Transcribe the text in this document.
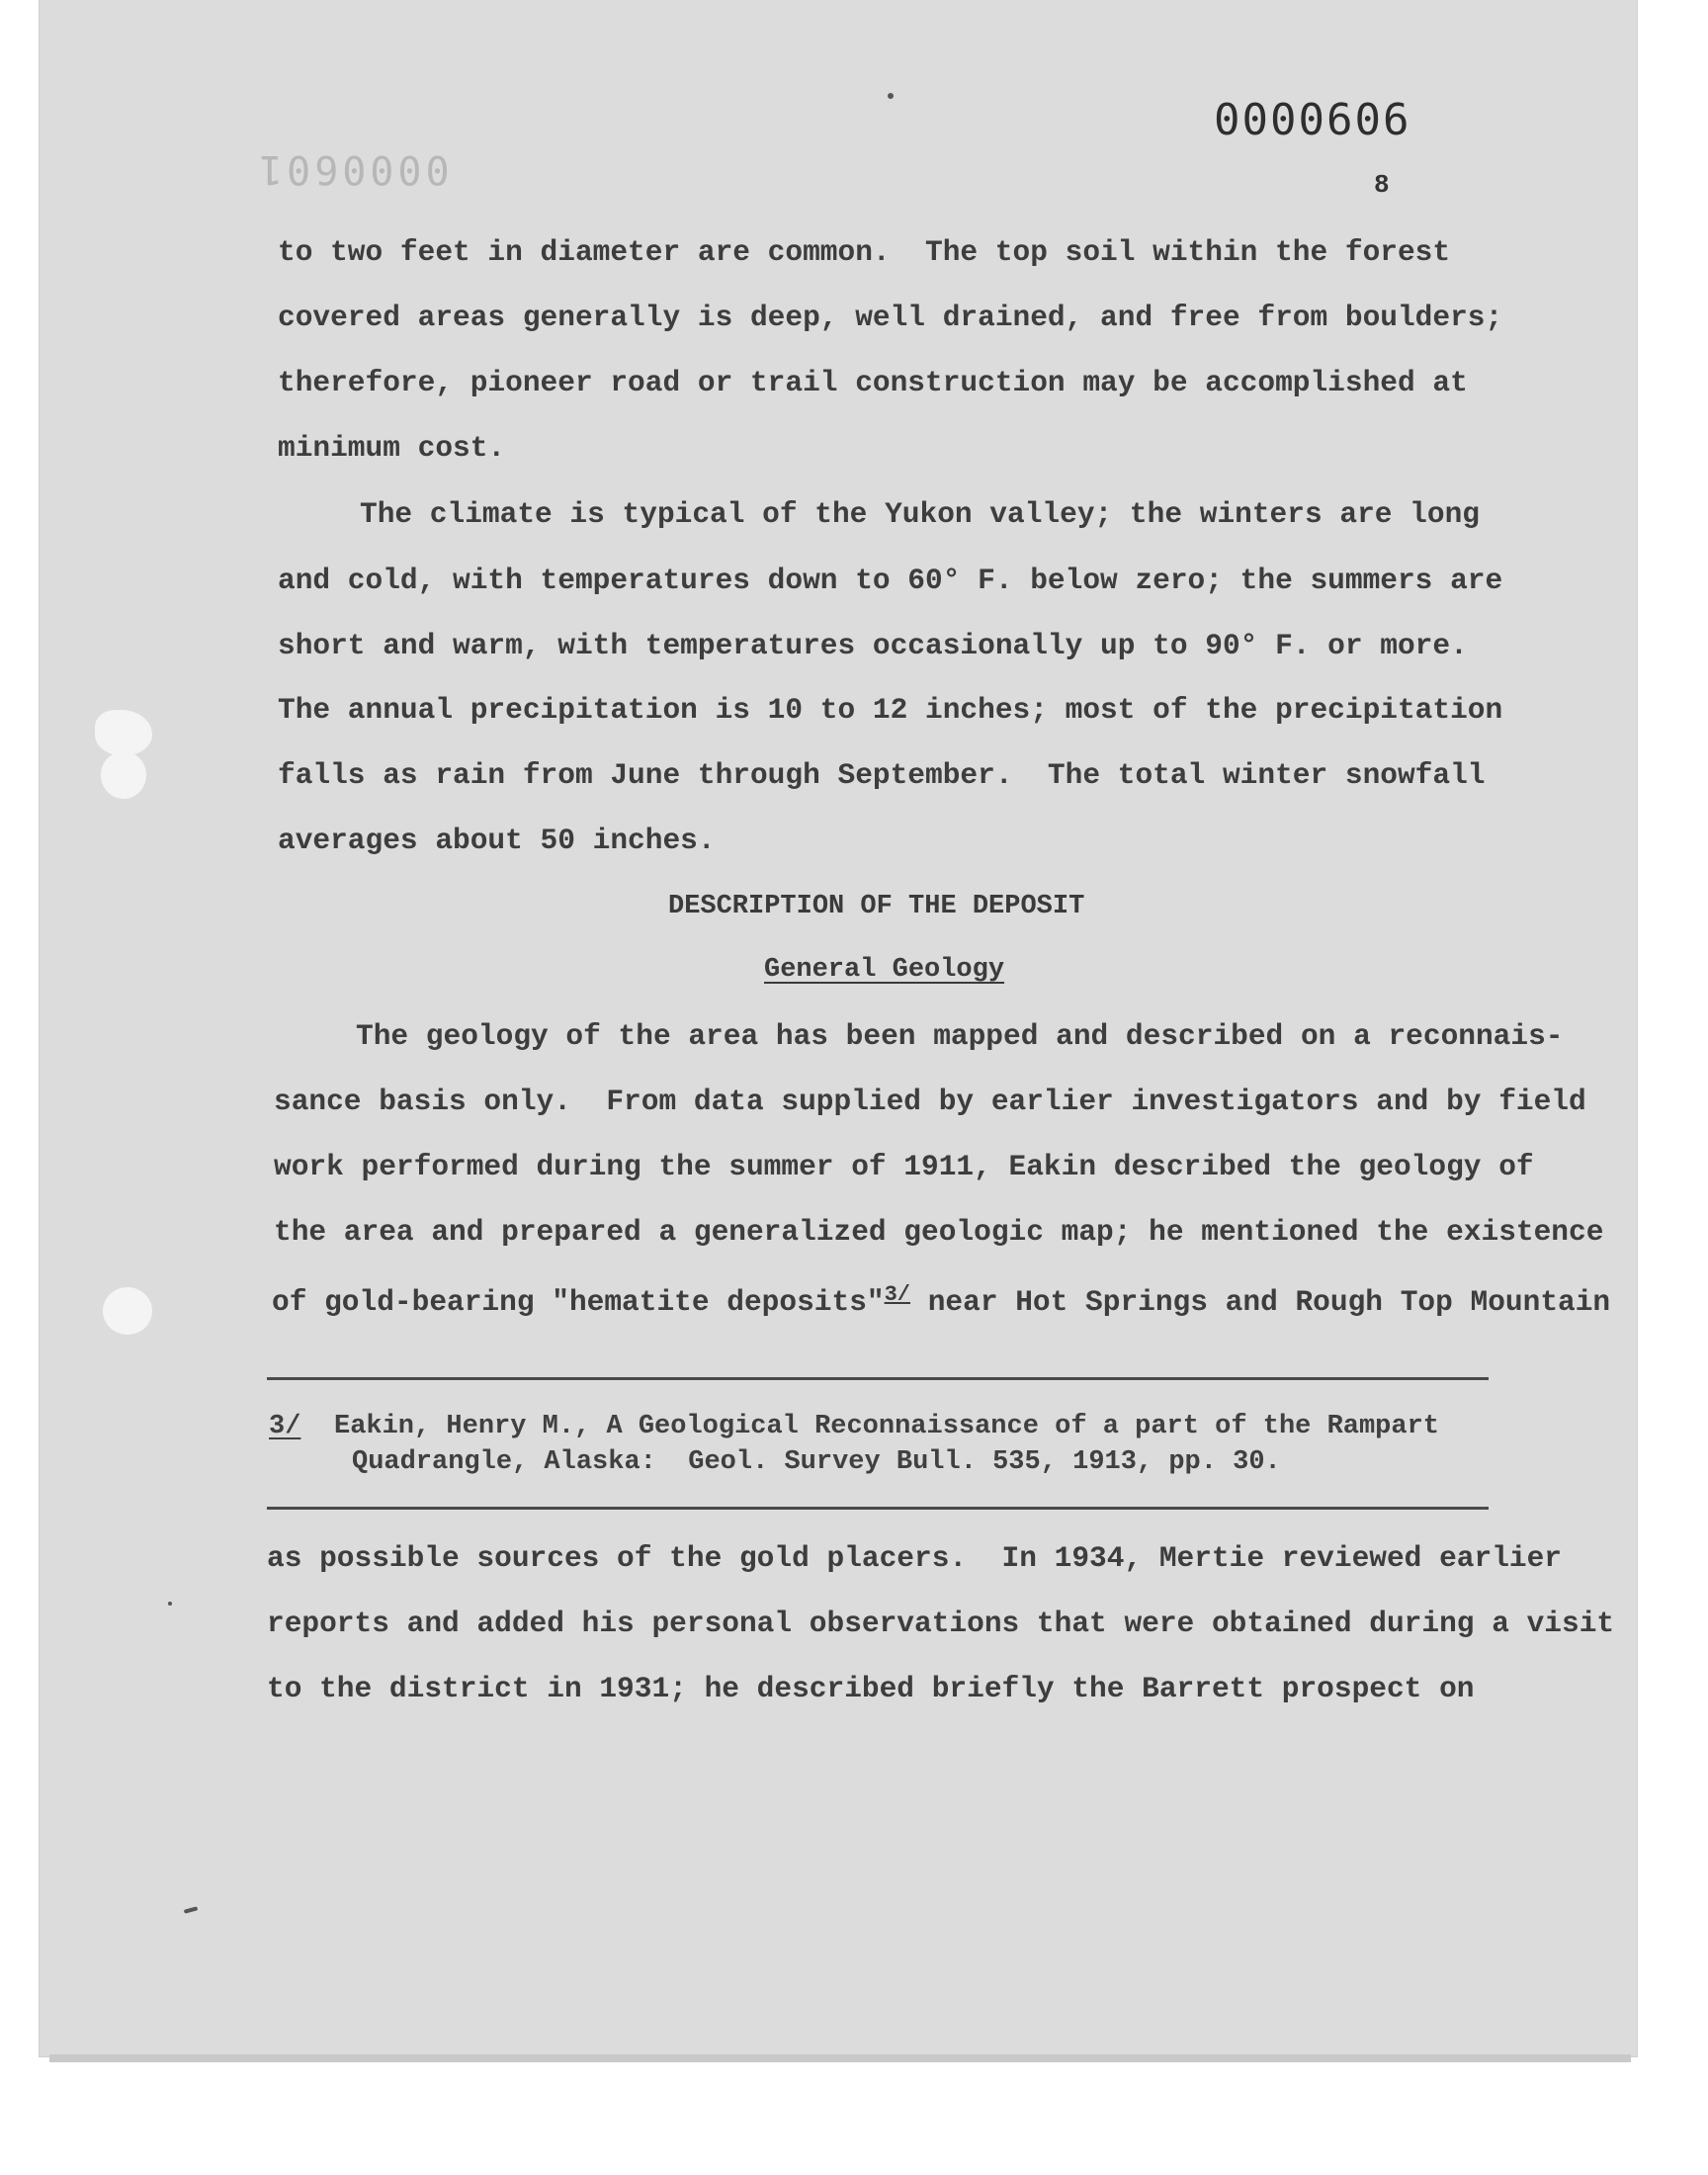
0000606
0000601	8
to two feet in diameter are common.  The top soil within the forest
covered areas generally is deep, well drained, and free from boulders;
therefore, pioneer road or trail construction may be accomplished at
minimum cost.
The climate is typical of the Yukon valley; the winters are long
and cold, with temperatures down to 60° F. below zero; the summers are
short and warm, with temperatures occasionally up to 90° F. or more.
The annual precipitation is 10 to 12 inches; most of the precipitation
falls as rain from June through September.  The total winter snowfall
averages about 50 inches.
DESCRIPTION OF THE DEPOSIT
General Geology
The geology of the area has been mapped and described on a reconnais-
sance basis only.  From data supplied by earlier investigators and by field
work performed during the summer of 1911, Eakin described the geology of
the area and prepared a generalized geologic map; he mentioned the existence
of gold-bearing "hematite deposits"$^{3/}$ near Hot Springs and Rough Top Mountain
3/ Eakin, Henry M., A Geological Reconnaissance of a part of the Rampart
Quadrangle, Alaska:  Geol. Survey Bull. 535, 1913, pp. 30.
as possible sources of the gold placers.  In 1934, Mertie reviewed earlier
reports and added his personal observations that were obtained during a visit
to the district in 1931; he described briefly the Barrett prospect on
